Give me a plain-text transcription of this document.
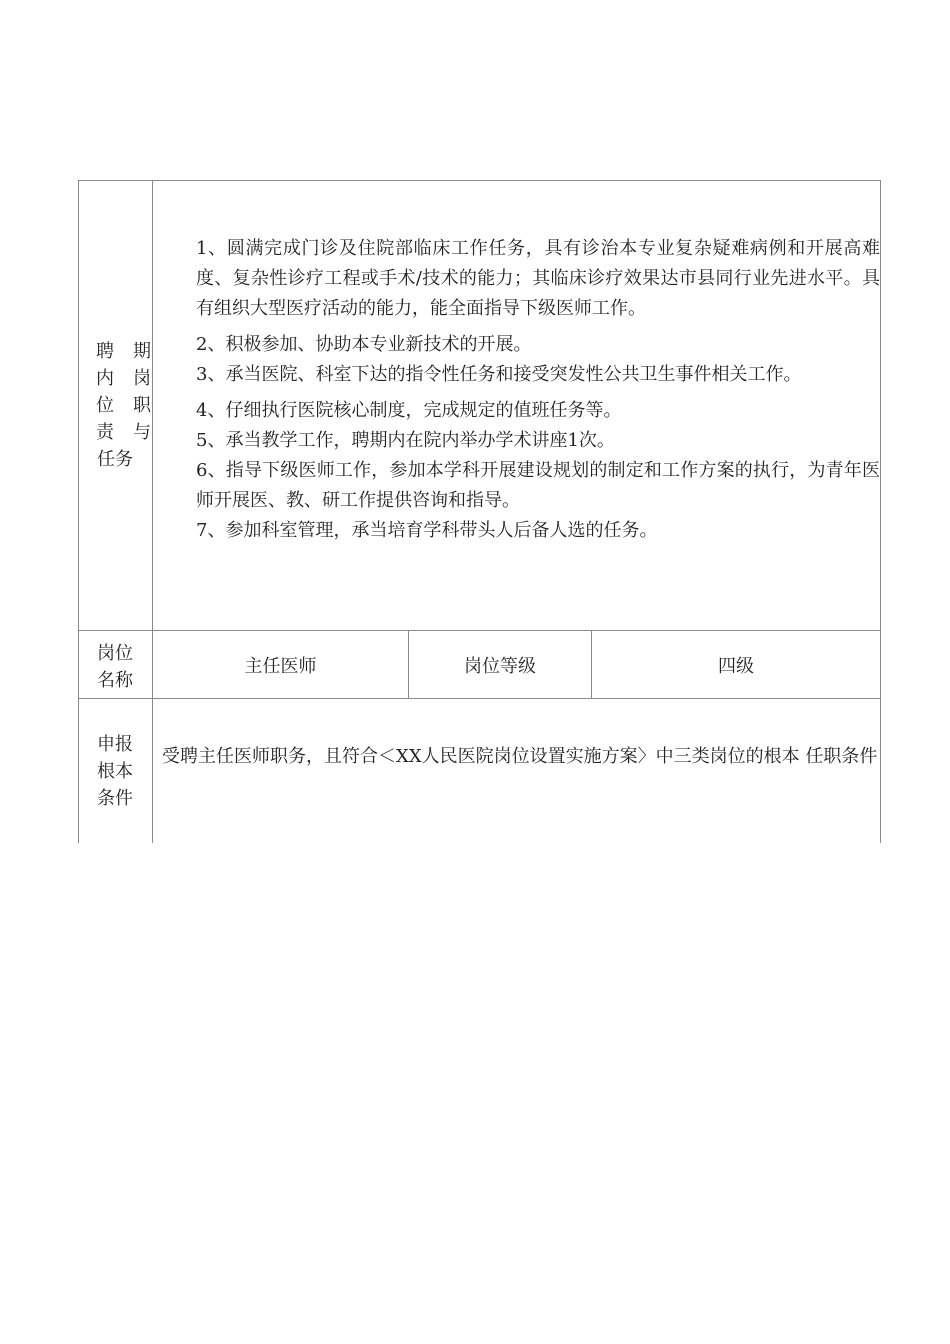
聘　期
内　岗
位　职
责　与
任务

1、圆满完成门诊及住院部临床工作任务，具有诊治本专业复杂疑难病例和开展高难度、复杂性诊疗工程或手术/技术的能力；其临床诊疗效果达市县同行业先进水平。具有组织大型医疗活动的能力，能全面指导下级医师工作。

2、积极参加、协助本专业新技术的开展。

3、承当医院、科室下达的指令性任务和接受突发性公共卫生事件相关工作。

4、仔细执行医院核心制度，完成规定的值班任务等。

5、承当教学工作，聘期内在院内举办学术讲座1次。

6、指导下级医师工作，参加本学科开展建设规划的制定和工作方案的执行，为青年医师开展医、教、研工作提供咨询和指导。

7、参加科室管理，承当培育学科带头人后备人选的任务。

岗位
名称
主任医师	岗位等级	四级
申报
根本
条件
受聘主任医师职务，且符合＜XX人民医院岗位设置实施方案〉中三类岗位的根本 任职条件
